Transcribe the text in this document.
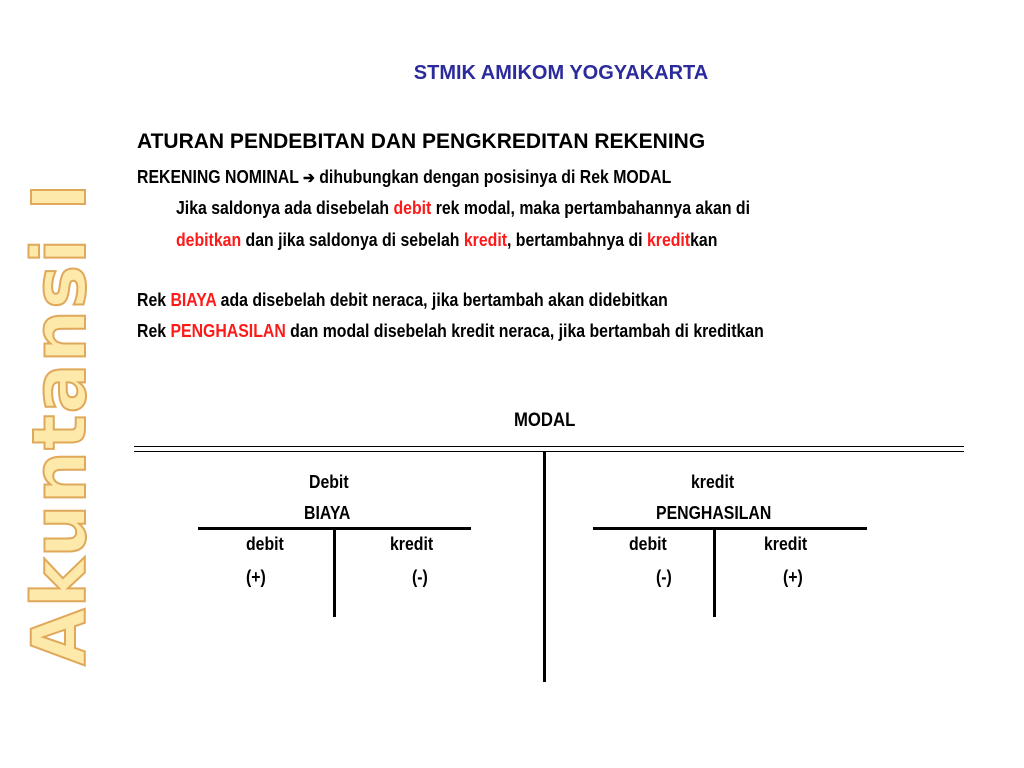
Akuntansi I
STMIK AMIKOM YOGYAKARTA
ATURAN PENDEBITAN DAN PENGKREDITAN REKENING
REKENING NOMINAL ➔ dihubungkan dengan posisinya di Rek MODAL
Jika saldonya ada disebelah debit rek modal, maka pertambahannya akan di
debitkan dan jika saldonya di sebelah kredit, bertambahnya di kreditkan
Rek BIAYA ada disebelah debit neraca, jika bertambah akan didebitkan
Rek PENGHASILAN dan modal disebelah kredit neraca, jika bertambah di kreditkan
MODAL
Debit	kredit
BIAYA
debit	kredit
(+)	(-)
PENGHASILAN
debit	kredit
(-)	(+)
